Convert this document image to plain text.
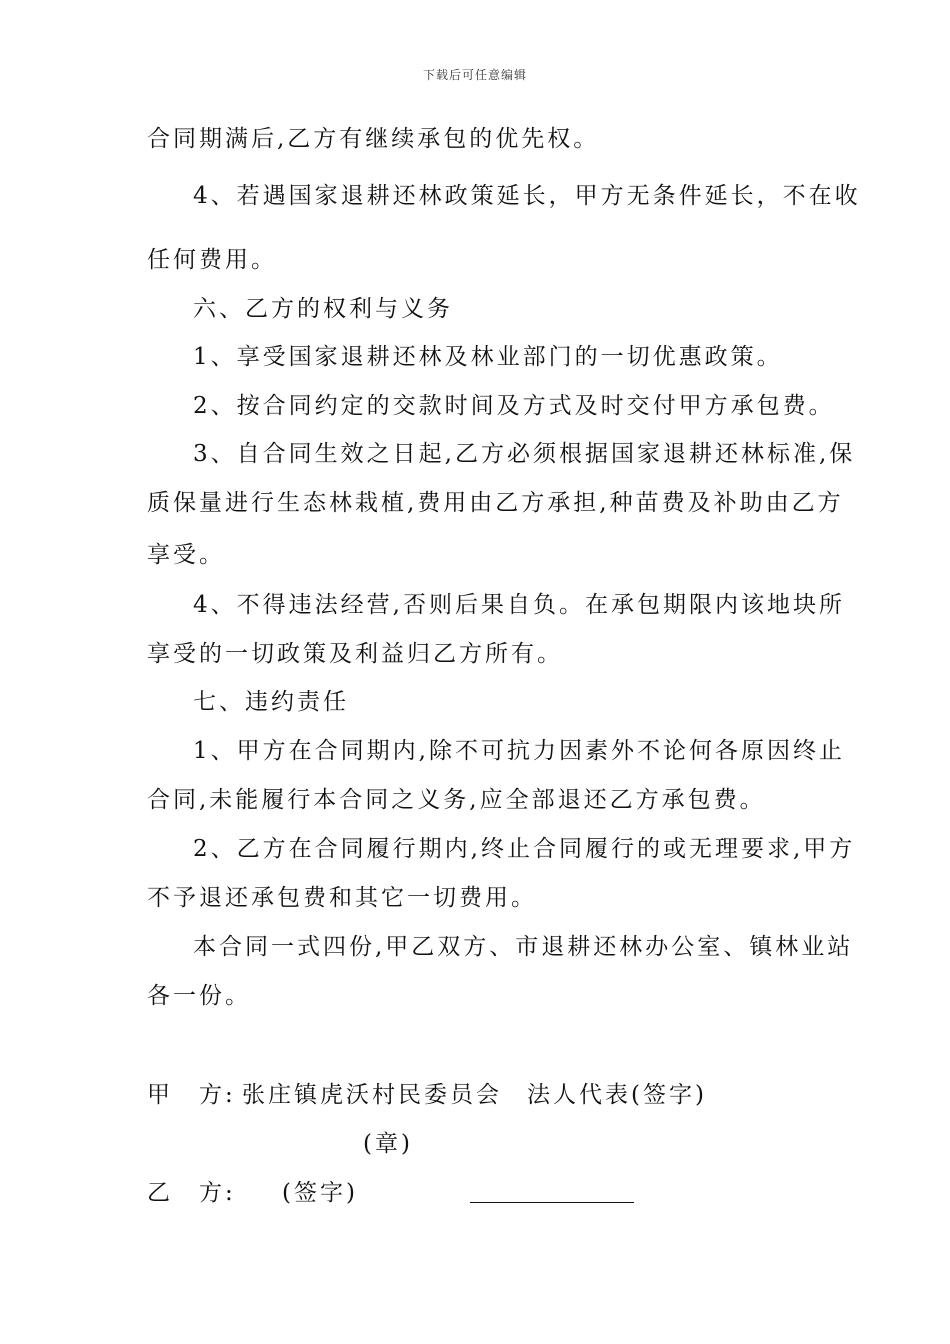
下载后可任意编辑
合同期满后,乙方有继续承包的优先权。
4、若遇国家退耕还林政策延长，甲方无条件延长，不在收
任何费用。
六、乙方的权利与义务
1、享受国家退耕还林及林业部门的一切优惠政策。
2、按合同约定的交款时间及方式及时交付甲方承包费。
3、自合同生效之日起,乙方必须根据国家退耕还林标准,保
质保量进行生态林栽植,费用由乙方承担,种苗费及补助由乙方
享受。
4、不得违法经营,否则后果自负。在承包期限内该地块所
享受的一切政策及利益归乙方所有。
七、违约责任
1、甲方在合同期内,除不可抗力因素外不论何各原因终止
合同,未能履行本合同之义务,应全部退还乙方承包费。
2、乙方在合同履行期内,终止合同履行的或无理要求,甲方
不予退还承包费和其它一切费用。
本合同一式四份,甲乙双方、市退耕还林办公室、镇林业站
各一份。
甲　方: 张庄镇虎沃村民委员会 法人代表(签字)
(章)
乙　方: (签字)
